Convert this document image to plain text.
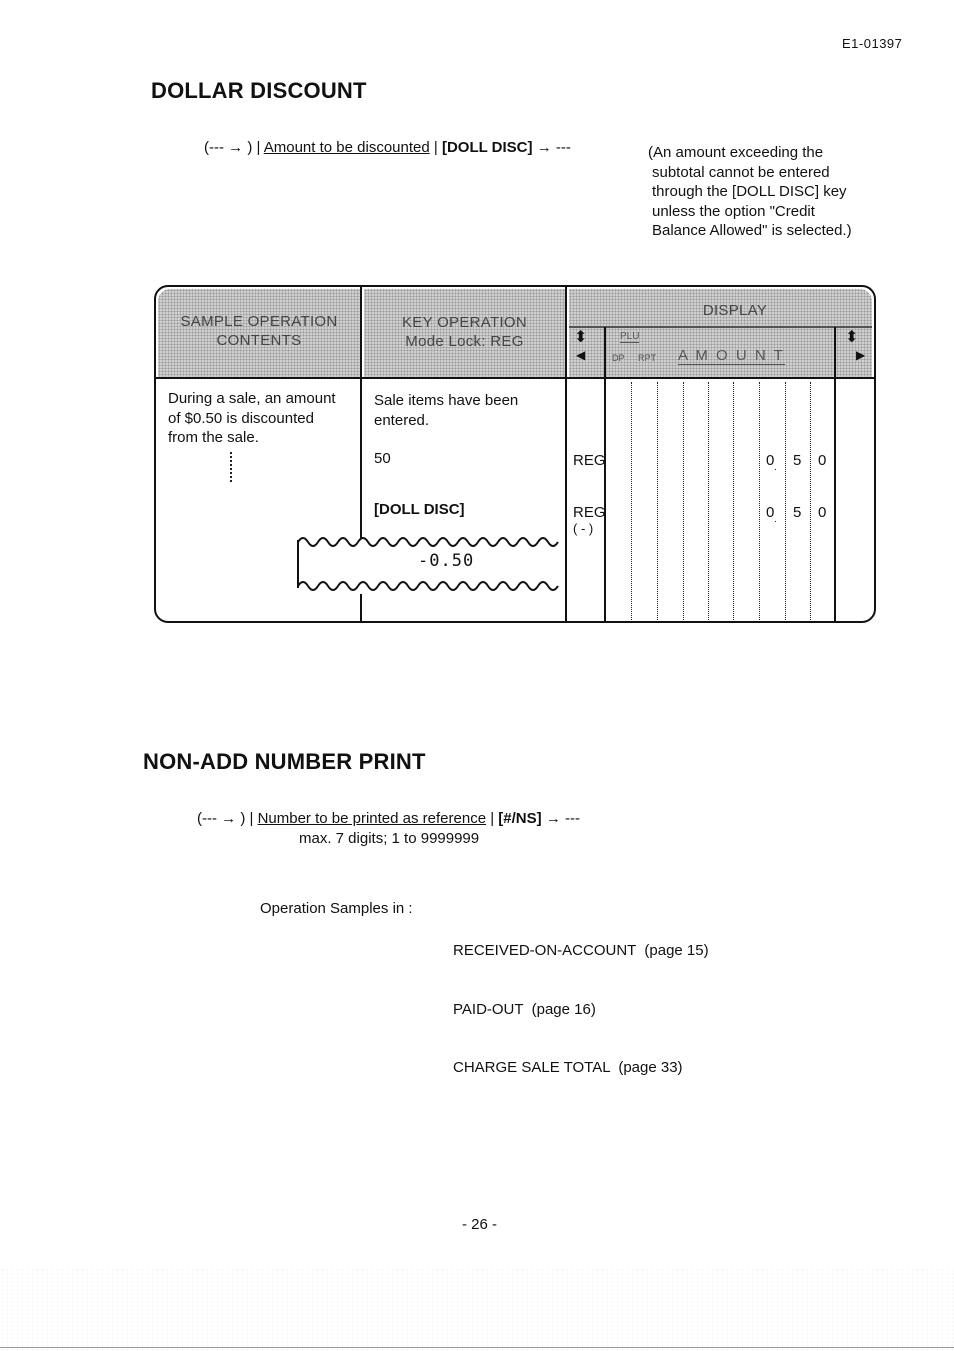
E1-01397
DOLLAR DISCOUNT
(--- → ) | Amount to be discounted | [DOLL DISC] → ---	(An amount exceeding the
subtotal cannot be entered
through the [DOLL DISC] key
unless the option "Credit
Balance Allowed" is selected.)
SAMPLE OPERATION
CONTENTS
KEY OPERATION
Mode Lock: REG
DISPLAY
⬍
◀
⬍
▶
PLU
DP RPT A M O U N T
During a sale, an amount
of $0.50 is discounted
from the sale.
Sale items have been
entered.
50
[DOLL DISC]
REG	0 . 5 0
REG
( - )
0 . 5 0
-0.50
NON-ADD NUMBER PRINT
(--- → ) | Number to be printed as reference | [#/NS] → ---
max. 7 digits; 1 to 9999999
Operation Samples in :

RECEIVED-ON-ACCOUNT  (page 15)

PAID-OUT  (page 16)

CHARGE SALE TOTAL  (page 33)

- 26 -
